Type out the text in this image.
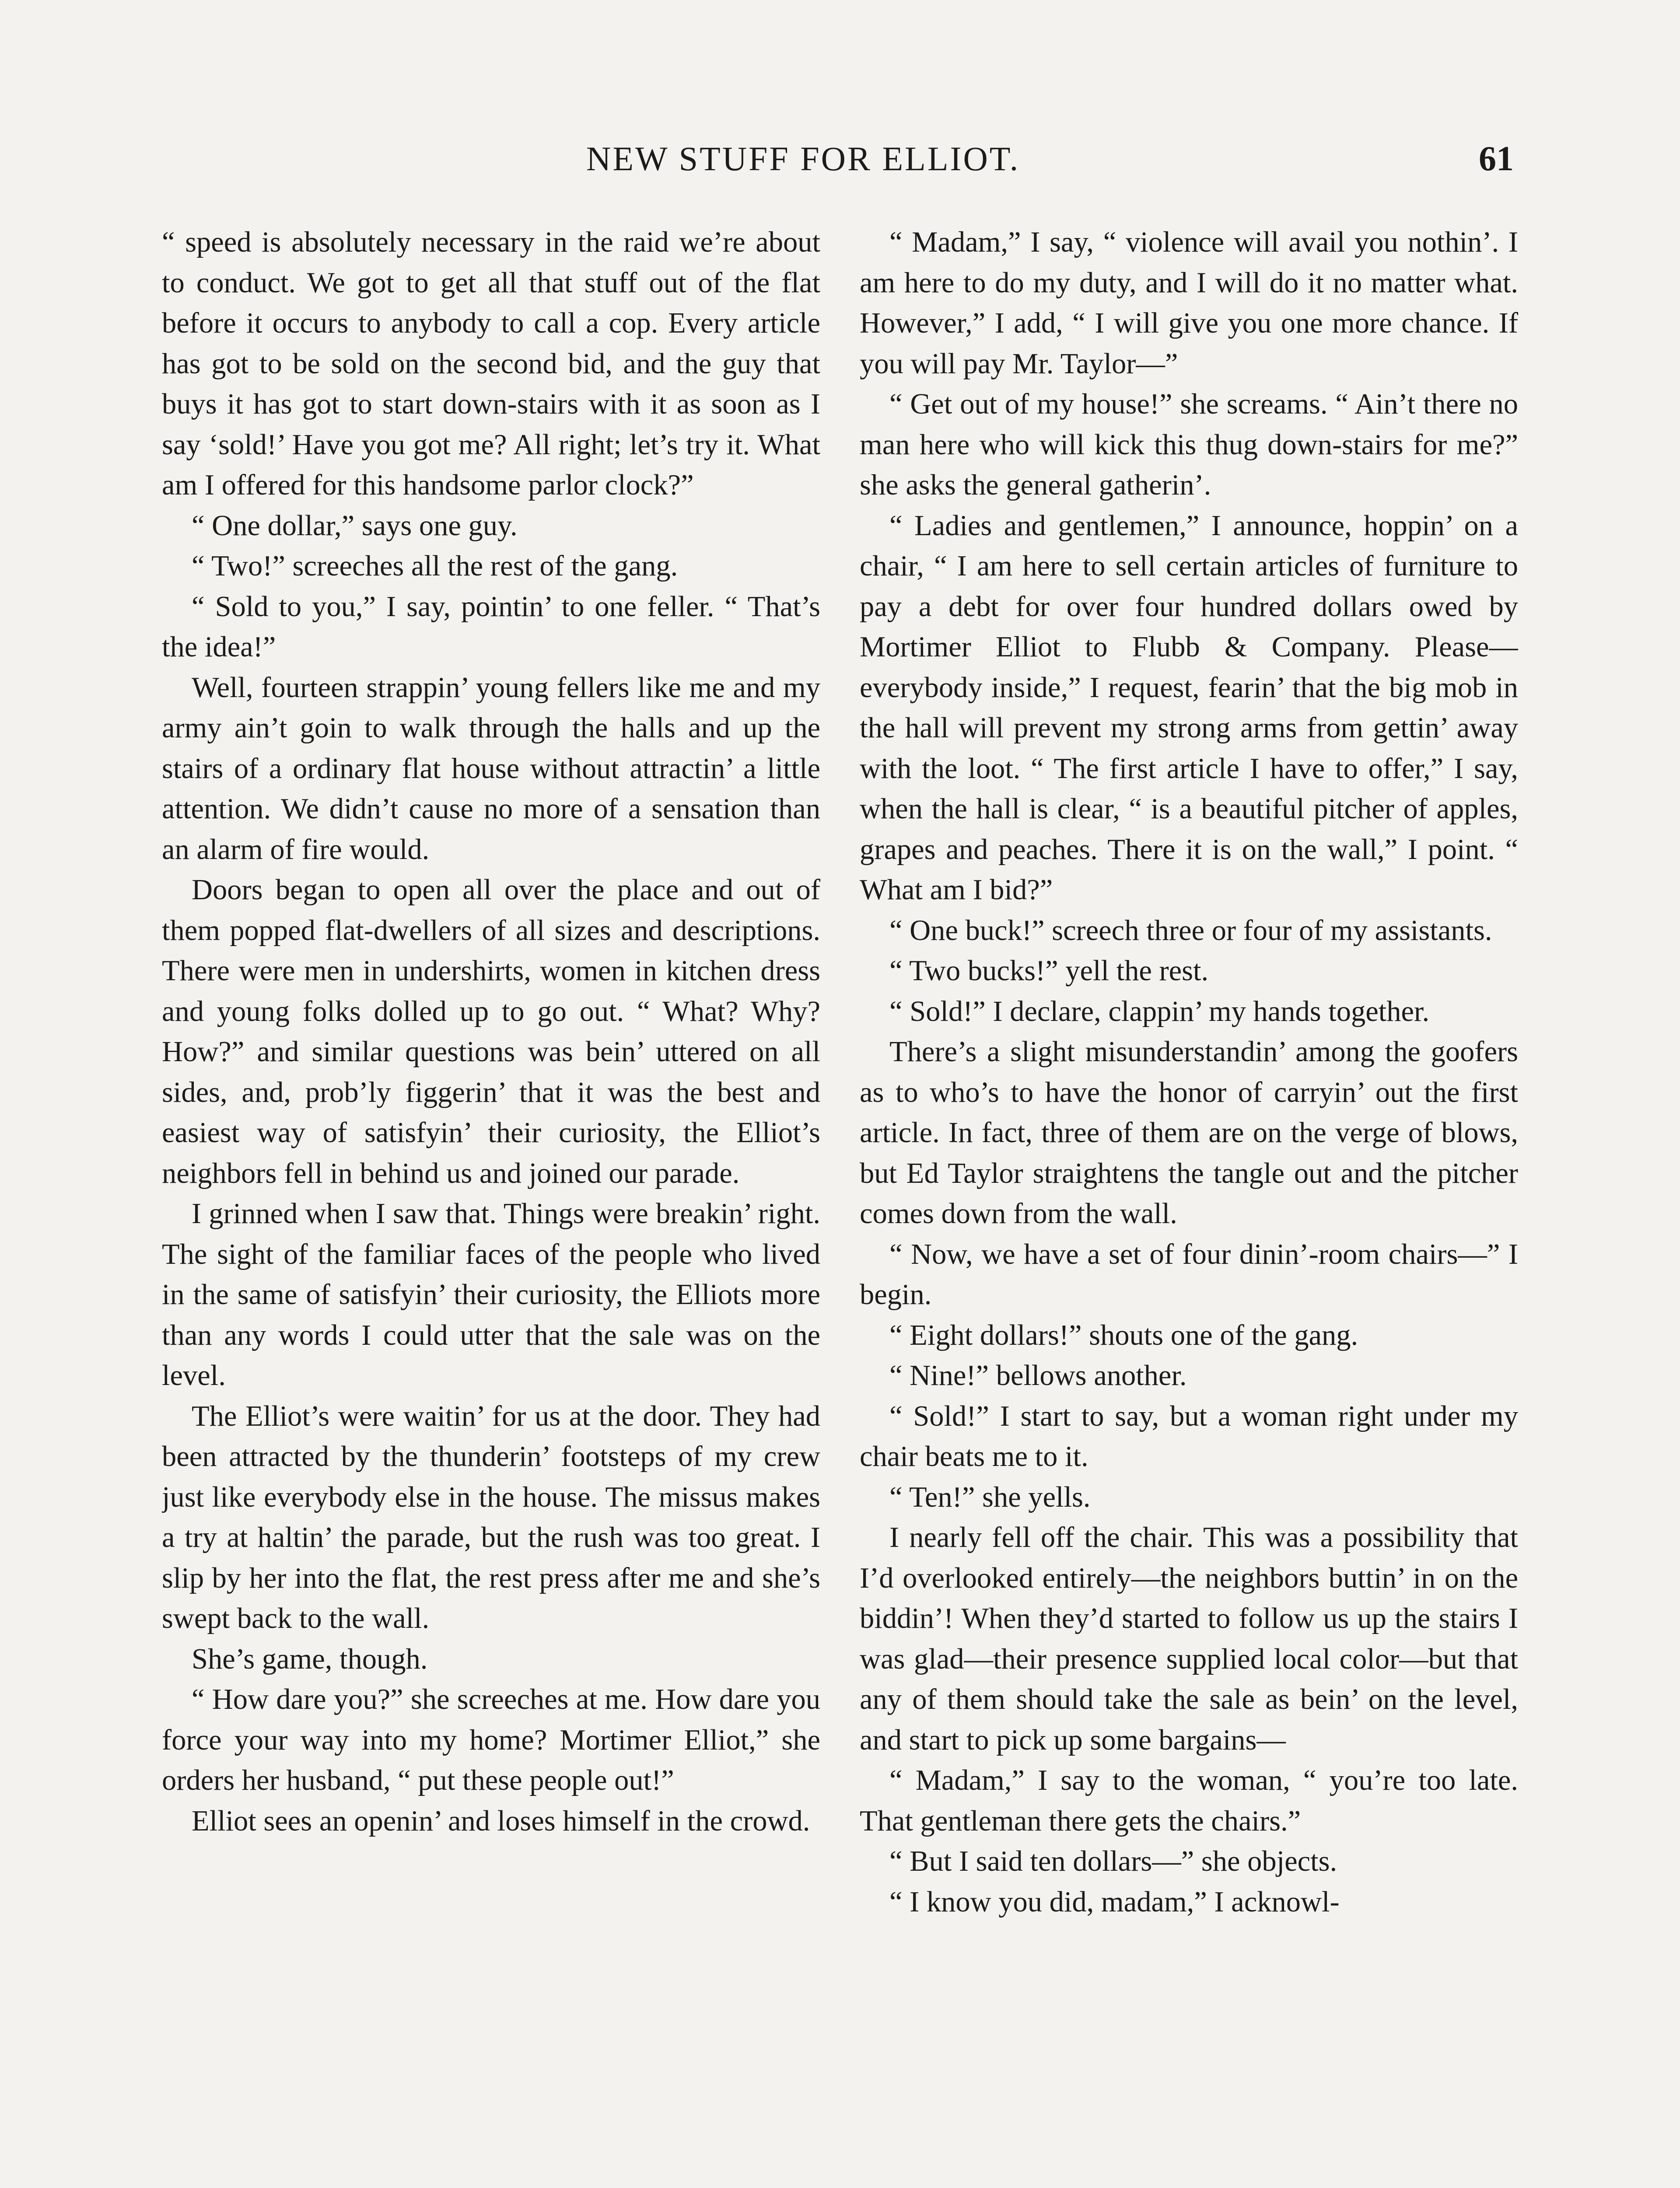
NEW STUFF FOR ELLIOT.	61

“ speed is absolutely necessary in the raid we’re about to conduct. We got to get all that stuff out of the flat before it occurs to anybody to call a cop. Every article has got to be sold on the second bid, and the guy that buys it has got to start down-stairs with it as soon as I say ‘sold!’ Have you got me? All right; let’s try it. What am I offered for this handsome parlor clock?”

“ One dollar,” says one guy.

“ Two!” screeches all the rest of the gang.

“ Sold to you,” I say, pointin’ to one feller. “ That’s the idea!”

Well, fourteen strappin’ young fellers like me and my army ain’t goin to walk through the halls and up the stairs of a ordinary flat house without attractin’ a little attention. We didn’t cause no more of a sensation than an alarm of fire would.

Doors began to open all over the place and out of them popped flat-dwellers of all sizes and descriptions. There were men in undershirts, women in kitchen dress and young folks dolled up to go out. “ What? Why? How?” and similar questions was bein’ uttered on all sides, and, prob’ly figgerin’ that it was the best and easiest way of satisfyin’ their curiosity, the Elliot’s neighbors fell in behind us and joined our parade.

I grinned when I saw that. Things were breakin’ right. The sight of the familiar faces of the people who lived in the same of satisfyin’ their curiosity, the Elliots more than any words I could utter that the sale was on the level.

The Elliot’s were waitin’ for us at the door. They had been attracted by the thunderin’ footsteps of my crew just like everybody else in the house. The missus makes a try at haltin’ the parade, but the rush was too great. I slip by her into the flat, the rest press after me and she’s swept back to the wall.

She’s game, though.

“ How dare you?” she screeches at me. How dare you force your way into my home? Mortimer Elliot,” she orders her husband, “ put these people out!”

Elliot sees an openin’ and loses himself in the crowd.

“ Madam,” I say, “ violence will avail you nothin’. I am here to do my duty, and I will do it no matter what. However,” I add, “ I will give you one more chance. If you will pay Mr. Taylor—”

“ Get out of my house!” she screams. “ Ain’t there no man here who will kick this thug down-stairs for me?” she asks the general gatherin’.

“ Ladies and gentlemen,” I announce, hoppin’ on a chair, “ I am here to sell certain articles of furniture to pay a debt for over four hundred dollars owed by Mortimer Elliot to Flubb & Company. Please—everybody inside,” I request, fearin’ that the big mob in the hall will prevent my strong arms from gettin’ away with the loot. “ The first article I have to offer,” I say, when the hall is clear, “ is a beautiful pitcher of apples, grapes and peaches. There it is on the wall,” I point. “ What am I bid?”

“ One buck!” screech three or four of my assistants.

“ Two bucks!” yell the rest.

“ Sold!” I declare, clappin’ my hands together.

There’s a slight misunderstandin’ among the goofers as to who’s to have the honor of carryin’ out the first article. In fact, three of them are on the verge of blows, but Ed Taylor straightens the tangle out and the pitcher comes down from the wall.

“ Now, we have a set of four dinin’-room chairs—” I begin.

“ Eight dollars!” shouts one of the gang.

“ Nine!” bellows another.

“ Sold!” I start to say, but a woman right under my chair beats me to it.

“ Ten!” she yells.

I nearly fell off the chair. This was a possibility that I’d overlooked entirely—the neighbors buttin’ in on the biddin’! When they’d started to follow us up the stairs I was glad—their presence supplied local color—but that any of them should take the sale as bein’ on the level, and start to pick up some bargains—

“ Madam,” I say to the woman, “ you’re too late. That gentleman there gets the chairs.”

“ But I said ten dollars—” she objects.

“ I know you did, madam,” I acknowl-
